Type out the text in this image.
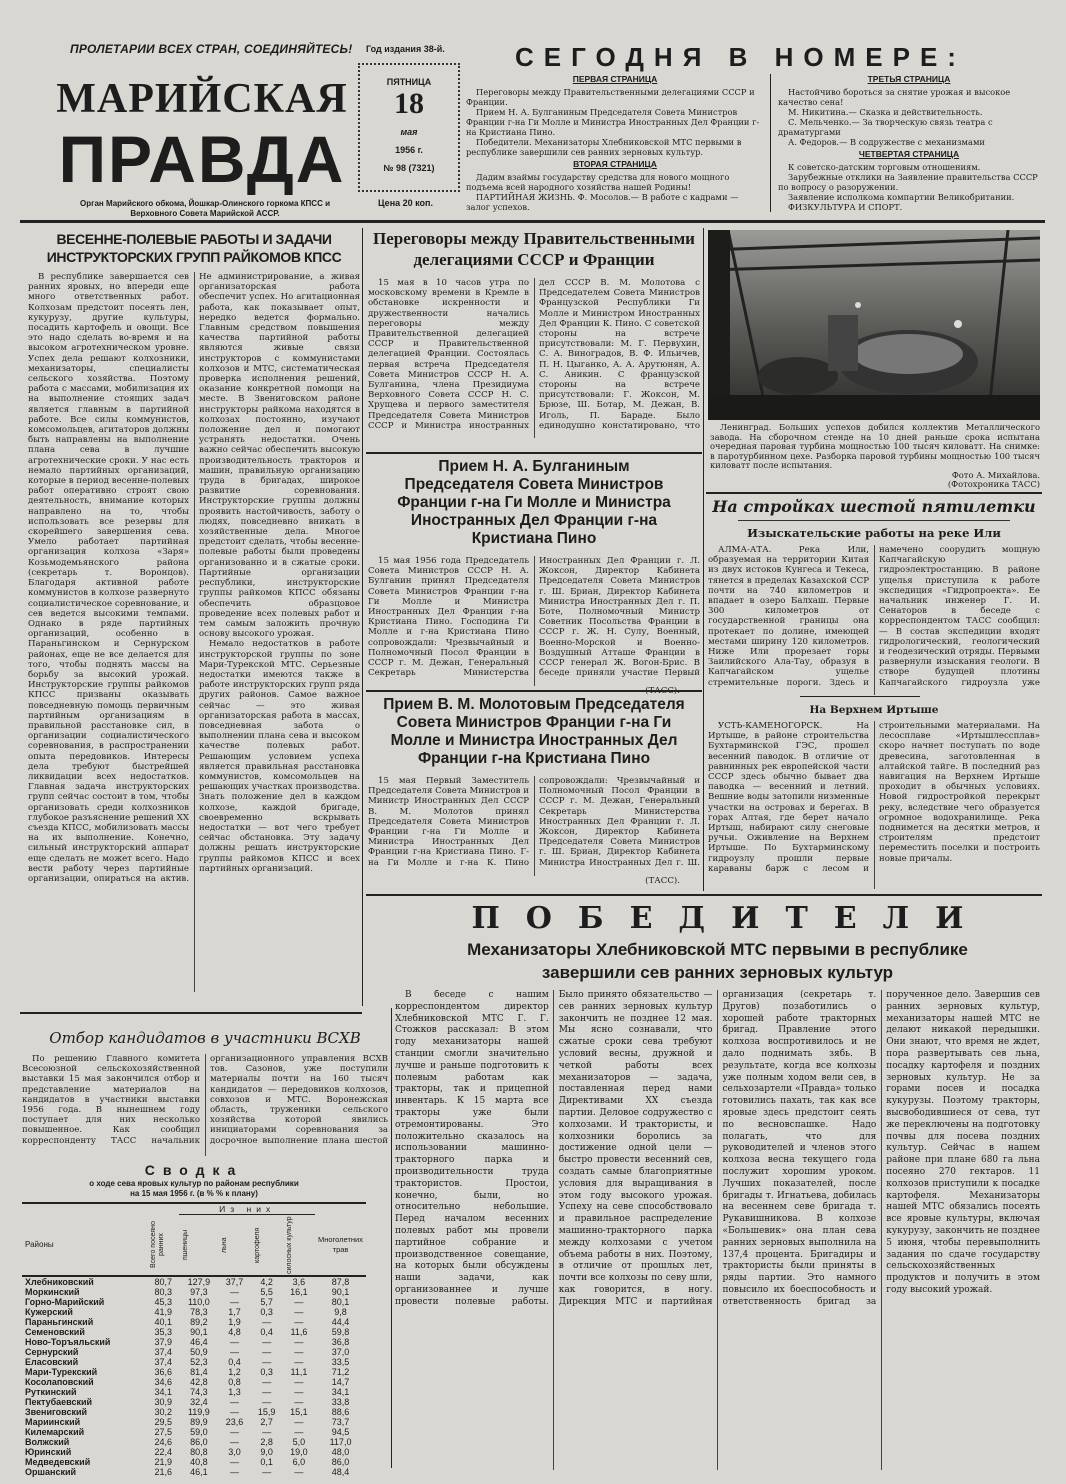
ПРОЛЕТАРИИ ВСЕХ СТРАН, СОЕДИНЯЙТЕСЬ!
МАРИЙСКАЯ
ПРАВДА
Орган Марийского обкома, Йошкар-Олинского горкома КПСС и Верховного Совета Марийской АССР.
Год издания 38-й.
ПЯТНИЦА
18
мая
1956 г.
№ 98 (7321)
Цена 20 коп.
СЕГОДНЯ В НОМЕРЕ:
ПЕРВАЯ СТРАНИЦА
Переговоры между Правительственными делегациями СССР и Франции.
Прием Н. А. Булганиным Председателя Совета Министров Франции г-на Ги Молле и Министра Иностранных Дел Франции г-на Кристиана Пино.
Победители. Механизаторы Хлебниковской МТС первыми в республике завершили сев ранних зерновых культур.
ВТОРАЯ СТРАНИЦА
Дадим взаймы государству средства для нового мощного подъема всей народного хозяйства нашей Родины!
ПАРТИЙНАЯ ЖИЗНЬ. Ф. Мосолов.— В работе с кадрами — залог успехов.
ТРЕТЬЯ СТРАНИЦА
Настойчиво бороться за снятие урожая и высокое качество сена!
М. Никитина.— Сказка и действительность.
С. Мельченко.— За творческую связь театра с драматургами
А. Федоров.— В содружестве с механизмами
ЧЕТВЕРТАЯ СТРАНИЦА
К советско-датским торговым отношениям.
Зарубежные отклики на Заявление правительства СССР по вопросу о разоружении.
Заявление исполкома компартии Великобритании.
ФИЗКУЛЬТУРА И СПОРТ.
ВЕСЕННЕ-ПОЛЕВЫЕ РАБОТЫ И ЗАДАЧИ
ИНСТРУКТОРСКИХ ГРУПП РАЙКОМОВ КПСС
В республике завершается сев ранних яровых, но впереди еще много ответственных работ. Колхозам предстоит посеять лен, кукурузу, другие культуры, посадить картофель и овощи. Все это надо сделать во-время и на высоком агротехническом уровне. Успех дела решают колхозники, механизаторы, специалисты сельского хозяйства. Поэтому работа с массами, мобилизация их на выполнение стоящих задач является главным в партийной работе. Все силы коммунистов, комсомольцев, агитаторов должны быть направлены на выполнение плана сева в лучшие агротехнические сроки. У нас есть немало партийных организаций, которые в период весенне-полевых работ оперативно строят свою деятельность, внимание которых направлено на то, чтобы использовать все резервы для скорейшего завершения сева. Умело работает партийная организация колхоза «Заря» Козьмодемьянского района (секретарь т. Воронцов). Благодаря активной работе коммунистов в колхозе развернуто социалистическое соревнование, и сев ведется высокими темпами. Однако в ряде партийных организаций, особенно в Параньгинском и Сернурском районах, еще не все делается для того, чтобы поднять массы на борьбу за высокий урожай. Инструкторские группы райкомов КПСС призваны оказывать повседневную помощь первичным партийным организациям в правильной расстановке сил, в организации социалистического соревнования, в распространении опыта передовиков. Интересы дела требуют быстрейшей ликвидации всех недостатков. Главная задача инструкторских групп сейчас состоит в том, чтобы организовать среди колхозников глубокое разъяснение решений XX съезда КПСС, мобилизовать массы на их выполнение. Конечно, сильный инструкторский аппарат еще сделать не может всего. Надо вести работу через партийные организации, опираться на актив. Не администрирование, а живая организаторская работа обеспечит успех. Но агитационная работа, как показывает опыт, нередко ведется формально. Главным средством повышения качества партийной работы являются живые связи инструкторов с коммунистами колхозов и МТС, систематическая проверка исполнения решений, оказание конкретной помощи на месте. В Звениговском районе инструкторы райкома находятся в колхозах постоянно, изучают положение дел и помогают устранять недостатки. Очень важно сейчас обеспечить высокую производительность тракторов и машин, правильную организацию труда в бригадах, широкое развитие соревнования. Инструкторские группы должны проявить настойчивость, заботу о людях, повседневно вникать в хозяйственные дела. Многое предстоит сделать, чтобы весенне-полевые работы были проведены организованно и в сжатые сроки. Партийные организации республики, инструкторские группы райкомов КПСС обязаны обеспечить образцовое проведение всех полевых работ и тем самым заложить прочную основу высокого урожая.

Немало недостатков в работе инструкторской группы по зоне Мари-Турекской МТС. Серьезные недостатки имеются также в работе инструкторских групп ряда других районов. Самое важное сейчас — это живая организаторская работа в массах, повседневная забота о выполнении плана сева и высоком качестве полевых работ. Решающим условием успеха является правильная расстановка коммунистов, комсомольцев на решающих участках производства. Знать положение дел в каждом колхозе, каждой бригаде, своевременно вскрывать недостатки — вот чего требует сейчас обстановка. Эту задачу должны решать инструкторские группы райкомов КПСС и всех партийных организаций.

Переговоры между Правительственными делегациями СССР и Франции
15 мая в 10 часов утра по московскому времени в Кремле в обстановке искренности и дружественности начались переговоры между Правительственной делегацией СССР и Правительственной делегацией Франции. Состоялась первая встреча Председателя Совета Министров СССР Н. А. Булганина, члена Президиума Верховного Совета СССР Н. С. Хрущева и первого заместителя Председателя Совета Министров СССР и Министра иностранных дел СССР В. М. Молотова с Председателем Совета Министров Французской Республики Ги Молле и Министром Иностранных Дел Франции К. Пино. С советской стороны на встрече присутствовали: М. Г. Первухин, С. А. Виноградов, В. Ф. Ильичев, П. Н. Цыганко, А. А. Арутюнян, А. С. Аникин. С французской стороны на встрече присутствовали: Г. Жоксон, М. Брюзе, Ш. Ботар, М. Дежан, В. Иголь, П. Бараде. Было единодушно констатировано, что
Прием Н. А. Булганиным Председателя Совета Министров Франции г-на Ги Молле и Министра Иностранных Дел Франции г-на Кристиана Пино
15 мая 1956 года Председатель Совета Министров СССР Н. А. Булганин принял Председателя Совета Министров Франции г-на Ги Молле и Министра Иностранных Дел Франции г-на Кристиана Пино. Господина Ги Молле и г-на Кристиана Пино сопровождали: Чрезвычайный и Полномочный Посол Франции в СССР г. М. Дежан, Генеральный Секретарь Министерства Иностранных Дел Франции г. Л. Жоксон, Директор Кабинета Председателя Совета Министров г. Ш. Бриан, Директор Кабинета Министра Иностранных Дел г. П. Боте, Полномочный Министр Советник Посольства Франции в СССР г. Ж. Н. Сулу, Военный, Военно-Морской и Военно-Воздушный Атташе Франции в СССР генерал Ж. Вогон-Брис. В беседе приняли участие Первый
Прием В. М. Молотовым Председателя Совета Министров Франции г-на Ги Молле и Министра Иностранных Дел Франции г-на Кристиана Пино
15 мая Первый Заместитель Председателя Совета Министров и Министр Иностранных Дел СССР В. М. Молотов принял Председателя Совета Министров Франции г-на Ги Молле и Министра Иностранных Дел Франции г-на Кристиана Пино. Г-на Ги Молле и г-на К. Пино сопровождали: Чрезвычайный и Полномочный Посол Франции в СССР г. М. Дежан, Генеральный Секретарь Министерства Иностранных Дел Франции г. Л. Жоксон, Директор Кабинета Председателя Совета Министров г. Ш. Бриан, Директор Кабинета Министра Иностранных Дел г. Ш.
(ТАСС).
Ленинград. Больших успехов добился коллектив Металлического завода. На сборочном стенде на 10 дней раньше срока испытана очередная паровая турбина мощностью 100 тысяч киловатт. На снимке: в паротурбинном цехе. Разборка паровой турбины мощностью 100 тысяч киловатт после испытания.
Фото А. Михайлова.
(Фотохроника ТАСС)
На стройках шестой пятилетки
Изыскательские работы на реке Или
АЛМА-АТА. Река Или, образуемая на территории Китая из двух истоков Кунгеса и Текеса, тянется в пределах Казахской ССР почти на 740 километров и впадает в озеро Балхаш. Первые 300 километров от государственной границы она протекает по долине, имеющей местами ширину 120 километров. Ниже Или прорезает горы Заилийского Ала-Тау, образуя в Капчагайском ущелье стремительные пороги. Здесь и намечено соорудить мощную Капчагайскую гидроэлектростанцию. В районе ущелья приступила к работе экспедиция «Гидропроекта». Ее начальник инженер Г. И. Сенаторов в беседе с корреспондентом ТАСС сообщил: — В состав экспедиции входят гидрологический, геологический и геодезический отряды. Первыми развернули изыскания геологи. В створе будущей плотины Капчагайского гидроузла уже
На Верхнем Иртыше
УСТЬ-КАМЕНОГОРСК. На Иртыше, в районе строительства Бухтарминской ГЭС, прошел весенний паводок. В отличие от равнинных рек европейской части СССР здесь обычно бывает два паводка — весенний и летний. Вешние воды затопили низменные участки на островах и берегах. В горах Алтая, где берет начало Иртыш, набирают силу снеговые ручьи. Оживление на Верхнем Иртыше. По Бухтарминскому гидроузлу прошли первые караваны барж с лесом и строительными материалами. На лесосплаве «Иртышлессплав» скоро начнет поступать по воде древесина, заготовленная в алтайской тайге. В последний раз навигация на Верхнем Иртыше проходит в обычных условиях. Новой гидростройкой перекрыт реку, вследствие чего образуется огромное водохранилище. Река поднимется на десятки метров, и строителям предстоит переместить поселки и построить новые причалы.
ПОБЕДИТЕЛИ
Механизаторы Хлебниковской МТС первыми в республике
завершили сев ранних зерновых культур
В беседе с нашим корреспондентом директор Хлебниковской МТС Г. Г. Стожков рассказал: В этом году механизаторы нашей станции смогли значительно лучше и раньше подготовить к полевым работам как тракторы, так и прицепной инвентарь. К 15 марта все тракторы уже были отремонтированы. Это положительно сказалось на использовании машинно-тракторного парка и производительности труда трактористов. Простои, конечно, были, но относительно небольшие. Перед началом весенних полевых работ мы провели партийное собрание и производственное совещание, на которых были обсуждены наши задачи, как организованнее и лучше провести полевые работы. Было принято обязательство — сев ранних зерновых культур закончить не позднее 12 мая. Мы ясно сознавали, что сжатые сроки сева требуют условий весны, дружной и четкой работы всех механизаторов — задача, поставленная перед нами Директивами XX съезда партии. Деловое содружество с колхозами. И трактористы, и колхозники боролись за достижение одной цели — быстро провести весенний сев, создать самые благоприятные условия для выращивания в этом году высокого урожая. Успеху на севе способствовало и правильное распределение машинно-тракторного парка между колхозами с учетом объема работы в них. Поэтому, в отличие от прошлых лет, почти все колхозы по севу шли, как говорится, в ногу. Дирекция МТС и партийная организация (секретарь т. Другов) позаботились о хорошей работе тракторных бригад. Правление этого колхоза воспротивилось и не дало поднимать зябь. В результате, когда все колхозы уже полным ходом вели сев, в сельхозартели «Правда» только готовились пахать, так как все яровые здесь предстоит сеять по весновспашке. Надо полагать, что для руководителей и членов этого колхоза весна текущего года послужит хорошим уроком. Лучших показателей, после бригады т. Игнатьева, добилась на весеннем севе бригада т. Рукавишникова. В колхозе «Большевик» она план сева ранних зерновых выполнила на 137,4 процента. Бригадиры и трактористы были приняты в ряды партии. Это намного повысило их боеспособность и ответственность бригад за порученное дело. Завершив сев ранних зерновых культур, механизаторы нашей МТС не делают никакой передышки. Они знают, что время не ждет, пора развертывать сев льна, посадку картофеля и поздних зерновых культур. Не за горами посев и посадка кукурузы. Поэтому тракторы, высвободившиеся от сева, тут же переключены на подготовку почвы для посева поздних культур. Сейчас в нашем районе при плане 680 га льна посеяно 270 гектаров. 11 колхозов приступили к посадке картофеля. Механизаторы нашей МТС обязались посеять все яровые культуры, включая кукурузу, закончить не позднее 5 июня, чтобы перевыполнить задания по сдаче государству сельскохозяйственных продуктов и получить в этом году высокий урожай.
Отбор кандидатов в участники ВСХВ
По решению Главного комитета Всесоюзной сельскохозяйственной выставки 15 мая закончился отбор и представление материалов на кандидатов в участники выставки 1956 года. В нынешнем году поступает для них несколько повышенное. Как сообщил корреспонденту ТАСС начальник организационного управления ВСХВ тов. Сазонов, уже поступили материалы почти на 160 тысяч кандидатов — передовиков колхозов, совхозов и МТС. Воронежская область, труженики сельского хозяйства которой явились инициаторами соревнования за досрочное выполнение плана шестой
Сводка
о ходе сева яровых культур по районам республики
на 15 мая 1956 г. (в % % к плану)
		Из них				
Районы	Всего посеяно ранних	пшеницы	льна	картофеля	силосных культур	Многолетних трав
Хлебниковский	80,7	127,9	37,7	4,2	3,6	87,8
Моркинский	80,3	97,3	—	5,5	16,1	90,1
Горно-Марийский	45,3	110,0	—	5,7	—	80,1
Кужерский	41,9	78,3	1,7	0,3	—	9,8
Параньгинский	40,1	89,2	1,9	—	—	44,4
Семеновский	35,3	90,1	4,8	0,4	11,6	59,8
Ново-Торъяльский	37,9	46,4	—	—	—	36,8
Сернурский	37,4	50,9	—	—	—	37,0
Еласовский	37,4	52,3	0,4	—	—	33,5
Мари-Турекский	36,6	81,4	1,2	0,3	11,1	71,2
Косолаповский	34,6	42,8	0,8	—	—	14,7
Руткинский	34,1	74,3	1,3	—	—	34,1
Пектубаевский	30,9	32,4	—	—	—	33,8
Звениговский	30,2	119,9	—	15,9	15,1	88,6
Мариинский	29,5	89,9	23,6	2,7	—	73,7
Килемарский	27,5	59,0	—	—	—	94,5
Волжский	24,6	86,0	—	2,8	5,0	117,0
Юринский	22,4	80,8	3,0	9,0	19,0	48,0
Медведевский	21,9	40,8	—	0,1	6,0	86,0
Оршанский	21,6	46,1	—	—	—	48,4
